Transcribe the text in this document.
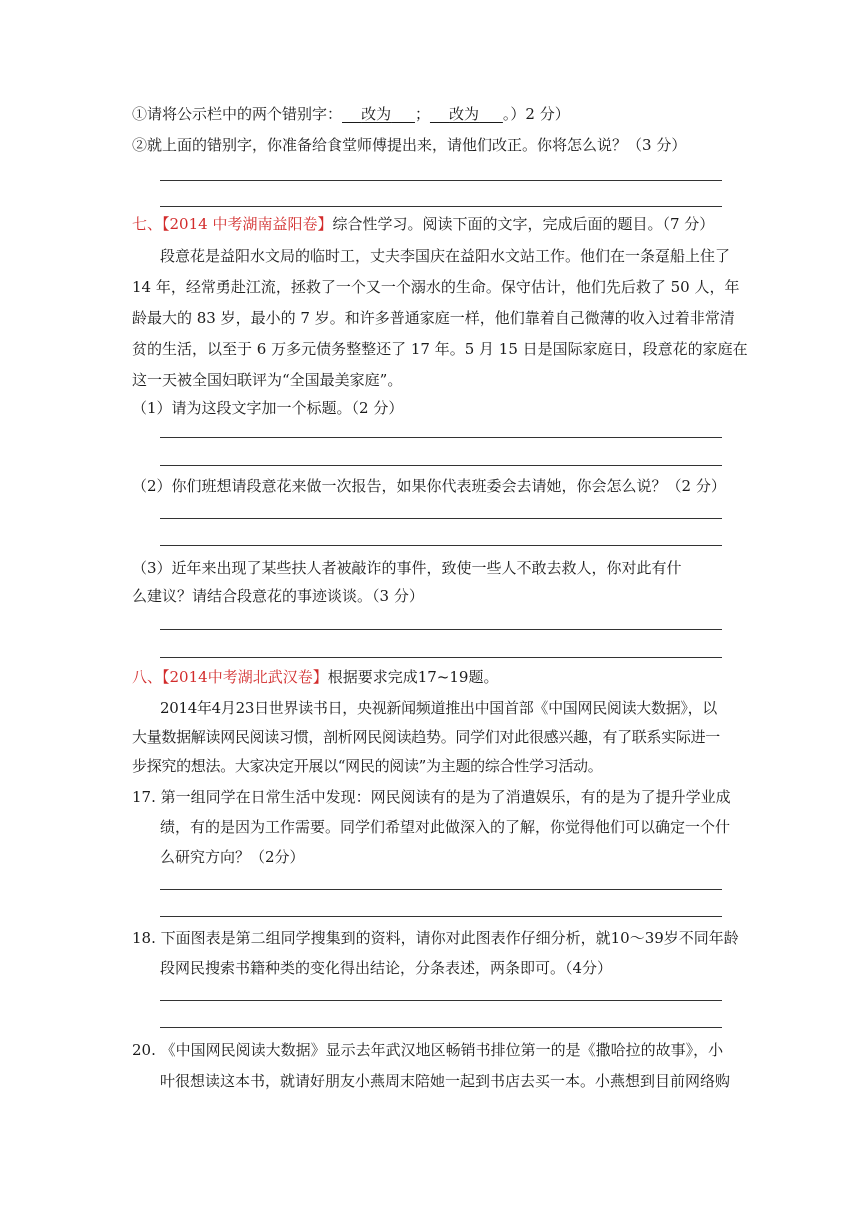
①请将公示栏中的两个错别字： 改为 ； 改为 。）2 分）
②就上面的错别字，你准备给食堂师傅提出来，请他们改正。你将怎么说？（3 分）
七、【2014 中考湖南益阳卷】综合性学习。阅读下面的文字，完成后面的题目。（7 分）
段意花是益阳水文局的临时工，丈夫李国庆在益阳水文站工作。他们在一条趸船上住了
14 年，经常勇赴江流，拯救了一个又一个溺水的生命。保守估计，他们先后救了 50 人，年
龄最大的 83 岁，最小的 7 岁。和许多普通家庭一样，他们靠着自己微薄的收入过着非常清
贫的生活，以至于 6 万多元债务整整还了 17 年。5 月 15 日是国际家庭日，段意花的家庭在
这一天被全国妇联评为“全国最美家庭”。
（1）请为这段文字加一个标题。（2 分）
（2）你们班想请段意花来做一次报告，如果你代表班委会去请她，你会怎么说？（2 分）
（3）近年来出现了某些扶人者被敲诈的事件，致使一些人不敢去救人，你对此有什
么建议？请结合段意花的事迹谈谈。（3 分）
八、【2014中考湖北武汉卷】根据要求完成17~19题。
2014年4月23日世界读书日，央视新闻频道推出中国首部《中国网民阅读大数据》，以
大量数据解读网民阅读习惯，剖析网民阅读趋势。同学们对此很感兴趣，有了联系实际进一
步探究的想法。大家决定开展以“网民的阅读”为主题的综合性学习活动。
17. 第一组同学在日常生活中发现：网民阅读有的是为了消遣娱乐，有的是为了提升学业成
绩，有的是因为工作需要。同学们希望对此做深入的了解，你觉得他们可以确定一个什
么研究方向？（2分）
18. 下面图表是第二组同学搜集到的资料，请你对此图表作仔细分析，就10～39岁不同年龄
段网民搜索书籍种类的变化得出结论，分条表述，两条即可。（4分）
20. 《中国网民阅读大数据》显示去年武汉地区畅销书排位第一的是《撒哈拉的故事》，小
叶很想读这本书，就请好朋友小燕周末陪她一起到书店去买一本。小燕想到目前网络购
